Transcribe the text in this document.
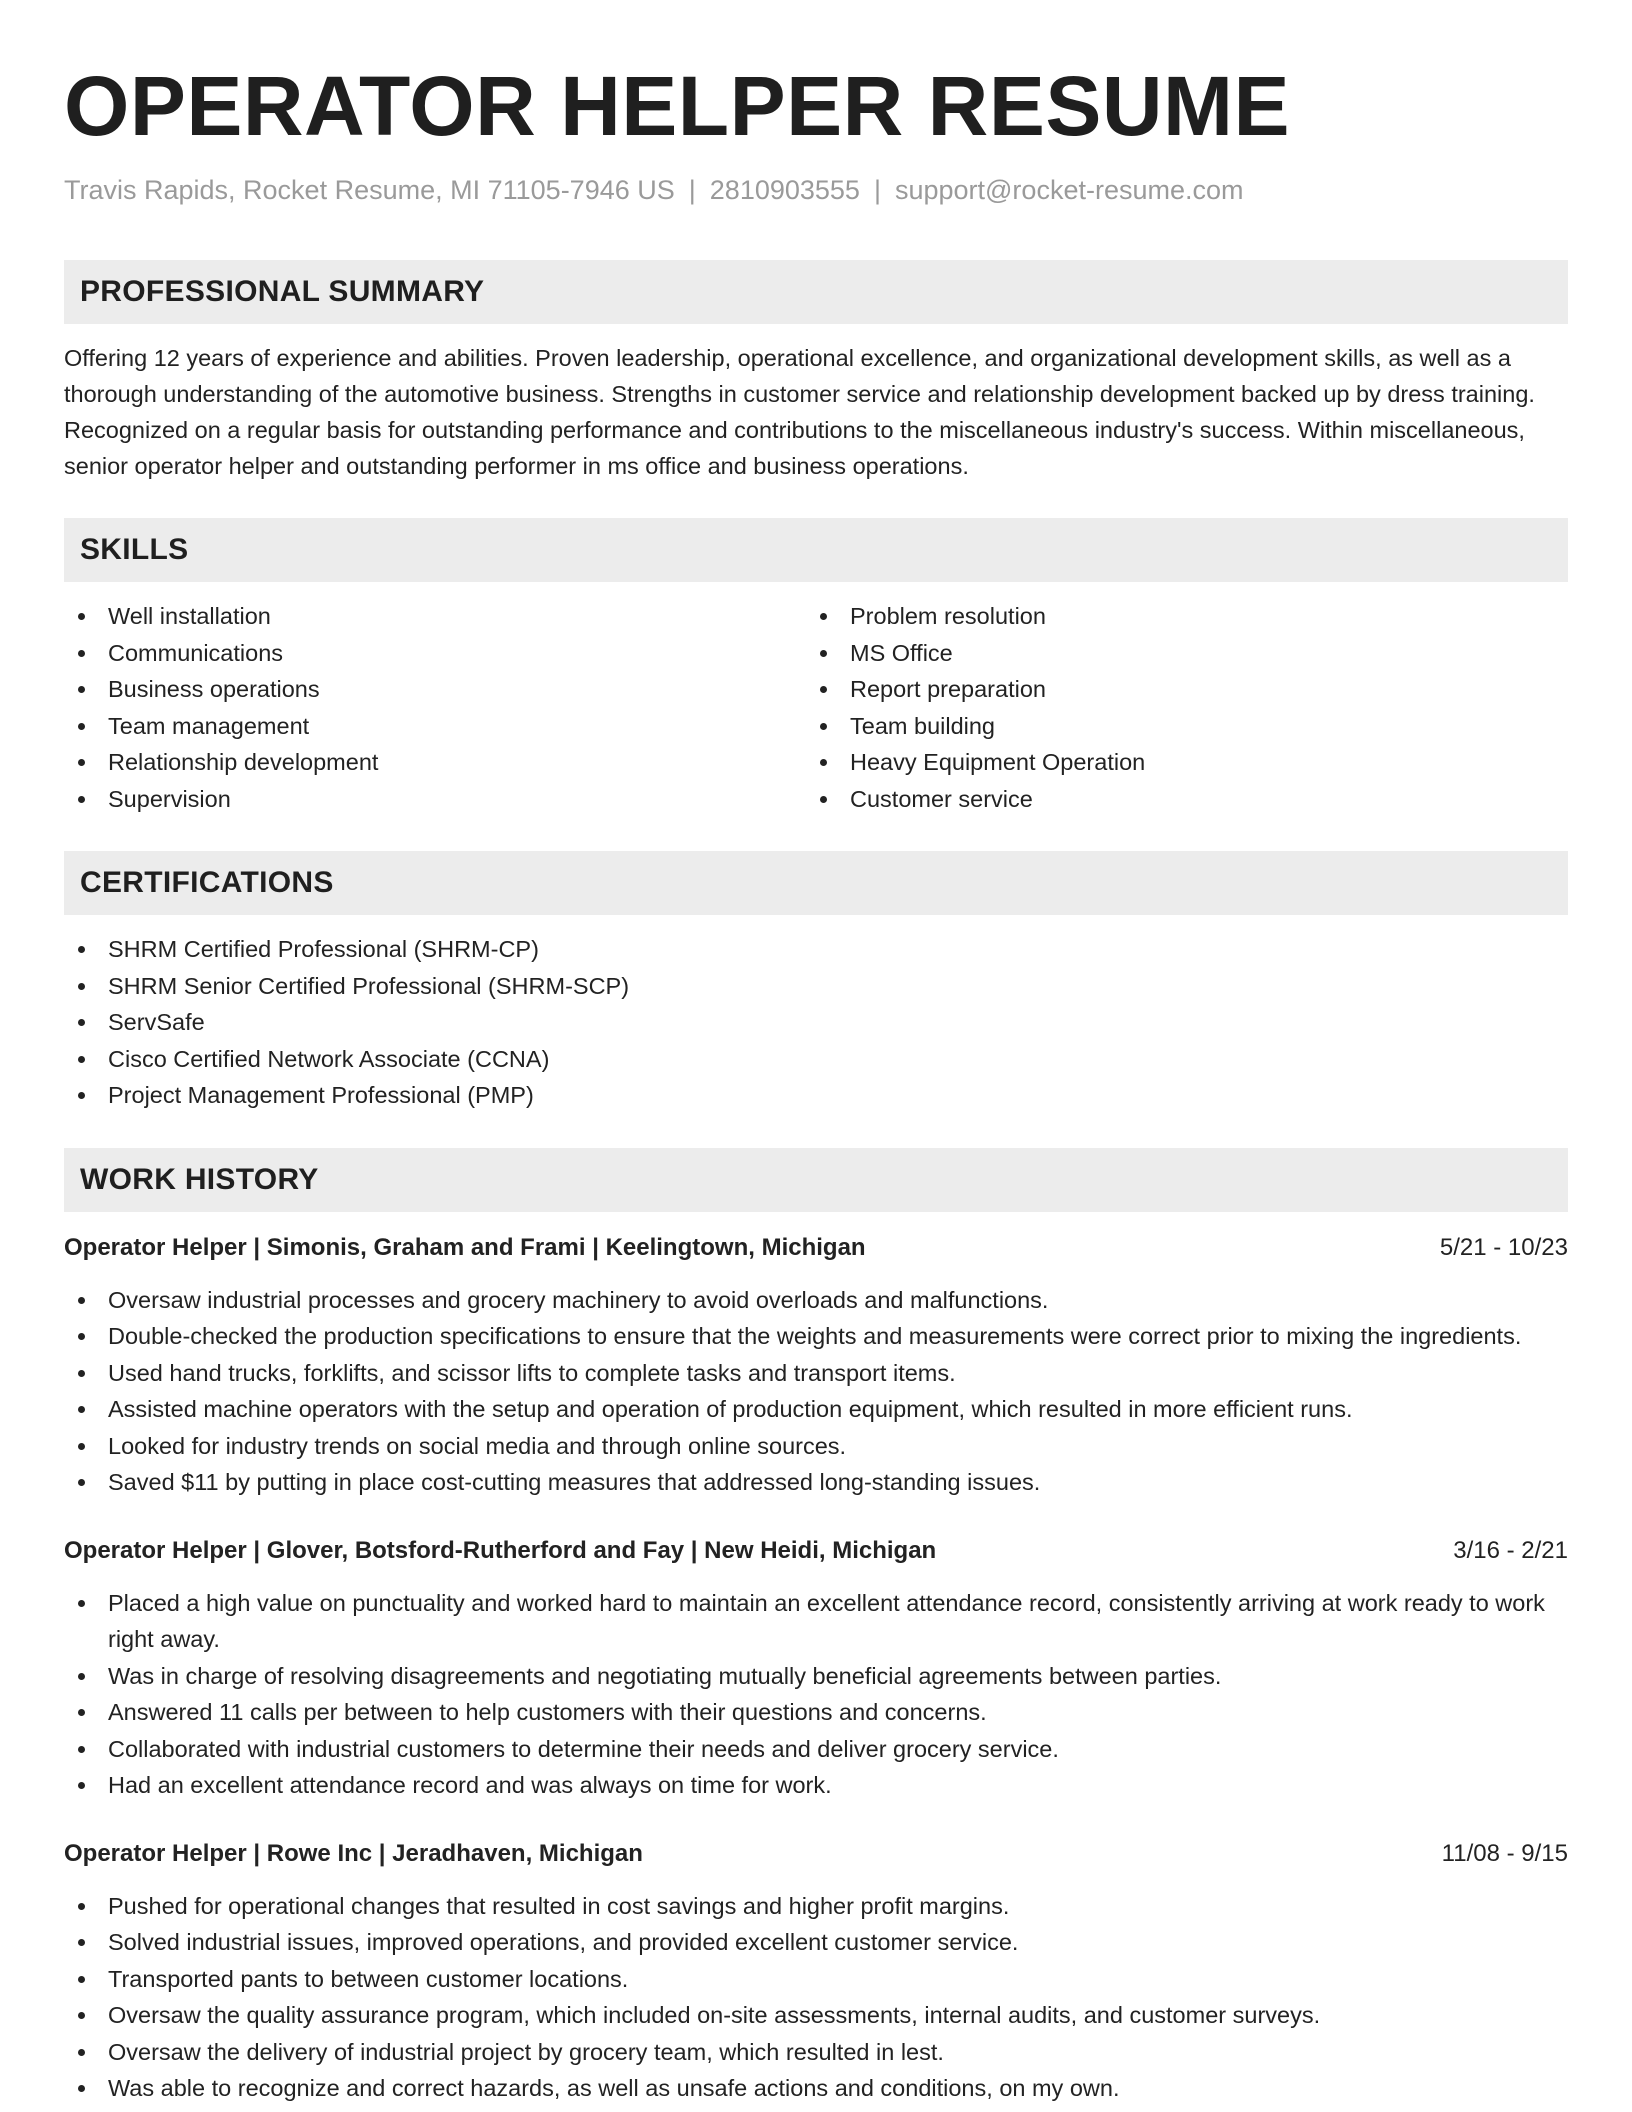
OPERATOR HELPER RESUME
Travis Rapids, Rocket Resume, MI 71105-7946 US | 2810903555 | support@rocket-resume.com
PROFESSIONAL SUMMARY

Offering 12 years of experience and abilities. Proven leadership, operational excellence, and organizational development skills, as well as a thorough understanding of the automotive business. Strengths in customer service and relationship development backed up by dress training. Recognized on a regular basis for outstanding performance and contributions to the miscellaneous industry's success. Within miscellaneous, senior operator helper and outstanding performer in ms office and business operations.

SKILLS
Well installation
Communications
Business operations
Team management
Relationship development
Supervision
Problem resolution
MS Office
Report preparation
Team building
Heavy Equipment Operation
Customer service
CERTIFICATIONS
SHRM Certified Professional (SHRM-CP)
SHRM Senior Certified Professional (SHRM-SCP)
ServSafe
Cisco Certified Network Associate (CCNA)
Project Management Professional (PMP)
WORK HISTORY
Operator Helper | Simonis, Graham and Frami | Keelingtown, Michigan	5/21 - 10/23
Oversaw industrial processes and grocery machinery to avoid overloads and malfunctions.
Double-checked the production specifications to ensure that the weights and measurements were correct prior to mixing the ingredients.
Used hand trucks, forklifts, and scissor lifts to complete tasks and transport items.
Assisted machine operators with the setup and operation of production equipment, which resulted in more efficient runs.
Looked for industry trends on social media and through online sources.
Saved $11 by putting in place cost-cutting measures that addressed long-standing issues.
Operator Helper | Glover, Botsford-Rutherford and Fay | New Heidi, Michigan	3/16 - 2/21
Placed a high value on punctuality and worked hard to maintain an excellent attendance record, consistently arriving at work ready to work right away.
Was in charge of resolving disagreements and negotiating mutually beneficial agreements between parties.
Answered 11 calls per between to help customers with their questions and concerns.
Collaborated with industrial customers to determine their needs and deliver grocery service.
Had an excellent attendance record and was always on time for work.
Operator Helper | Rowe Inc | Jeradhaven, Michigan	11/08 - 9/15
Pushed for operational changes that resulted in cost savings and higher profit margins.
Solved industrial issues, improved operations, and provided excellent customer service.
Transported pants to between customer locations.
Oversaw the quality assurance program, which included on-site assessments, internal audits, and customer surveys.
Oversaw the delivery of industrial project by grocery team, which resulted in lest.
Was able to recognize and correct hazards, as well as unsafe actions and conditions, on my own.
